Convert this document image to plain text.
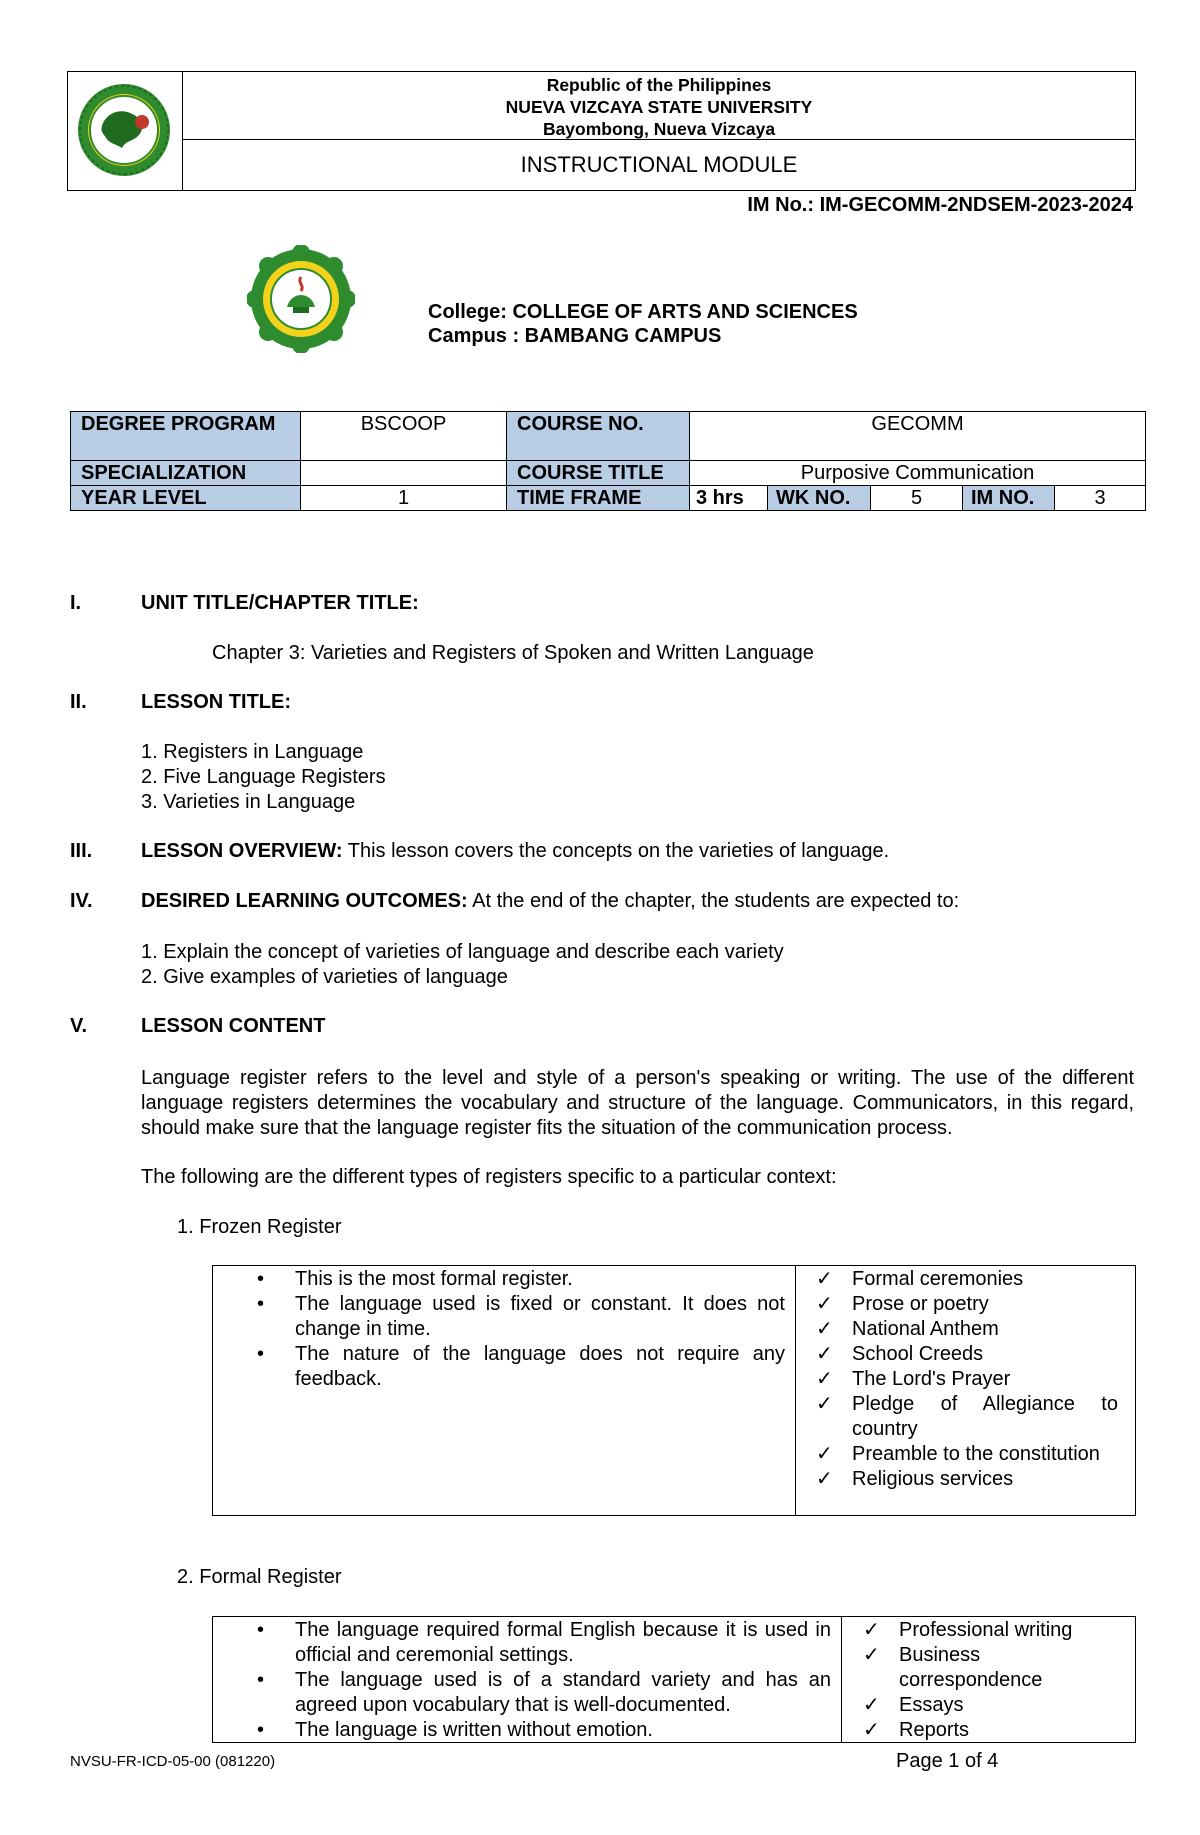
Republic of the Philippines
NUEVA VIZCAYA STATE UNIVERSITY
Bayombong, Nueva Vizcaya
INSTRUCTIONAL MODULE
IM No.: IM-GECOMM-2NDSEM-2023-2024
College: COLLEGE OF ARTS AND SCIENCES
Campus : BAMBANG CAMPUS
DEGREE PROGRAM	BSCOOP	COURSE NO.	GECOMM				
SPECIALIZATION		COURSE TITLE	Purposive Communication				
YEAR LEVEL	1	TIME FRAME	3 hrs	WK NO.	5	IM NO.	3
I.	UNIT TITLE/CHAPTER TITLE:
Chapter 3: Varieties and Registers of Spoken and Written Language
II.	LESSON TITLE:
1. Registers in Language
2. Five Language Registers
3. Varieties in Language
III. LESSON OVERVIEW: This lesson covers the concepts on the varieties of language.
IV. DESIRED LEARNING OUTCOMES: At the end of the chapter, the students are expected to:
1. Explain the concept of varieties of language and describe each variety
2. Give examples of varieties of language
V.	LESSON CONTENT
Language register refers to the level and style of a person's speaking or writing. The use of the different language registers determines the vocabulary and structure of the language. Communicators, in this regard, should make sure that the language register fits the situation of the communication process.
The following are the different types of registers specific to a particular context:
1. Frozen Register
• This is the most formal register.
• The language used is fixed or constant. It does not change in time.
• The nature of the language does not require any feedback.
✓ Formal ceremonies
✓ Prose or poetry
✓ National Anthem
✓ School Creeds
✓ The Lord's Prayer
✓ Pledge of Allegiance to country
✓ Preamble to the constitution
✓ Religious services
2. Formal Register
• The language required formal English because it is used in official and ceremonial settings.
• The language used is of a standard variety and has an agreed upon vocabulary that is well-documented.
• The language is written without emotion.
✓ Professional writing
✓ Business correspondence
✓ Essays
✓ Reports
NVSU-FR-ICD-05-00 (081220)	Page 1 of 4
